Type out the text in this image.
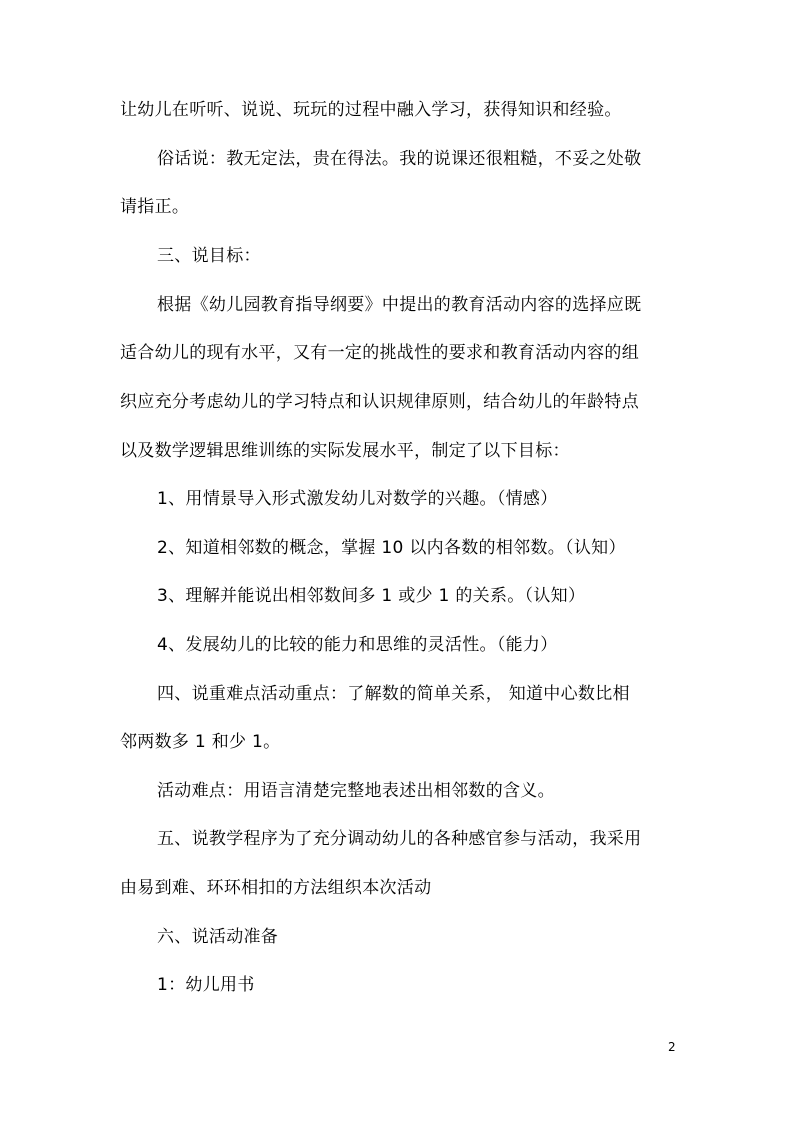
让幼儿在听听、说说、玩玩的过程中融入学习，获得知识和经验。
俗话说：教无定法，贵在得法。我的说课还很粗糙，不妥之处敬
请指正。
三、说目标：
根据《幼儿园教育指导纲要》中提出的教育活动内容的选择应既
适合幼儿的现有水平，又有一定的挑战性的要求和教育活动内容的组
织应充分考虑幼儿的学习特点和认识规律原则，结合幼儿的年龄特点
以及数学逻辑思维训练的实际发展水平，制定了以下目标：
1、用情景导入形式激发幼儿对数学的兴趣。（情感）
2、知道相邻数的概念，掌握 10 以内各数的相邻数。（认知）
3、理解并能说出相邻数间多 1 或少 1 的关系。（认知）
4、发展幼儿的比较的能力和思维的灵活性。（能力）
四、说重难点活动重点：了解数的简单关系， 知道中心数比相
邻两数多 1 和少 1。
活动难点：用语言清楚完整地表述出相邻数的含义。
五、说教学程序为了充分调动幼儿的各种感官参与活动，我采用
由易到难、环环相扣的方法组织本次活动
六、说活动准备
1：幼儿用书
2
